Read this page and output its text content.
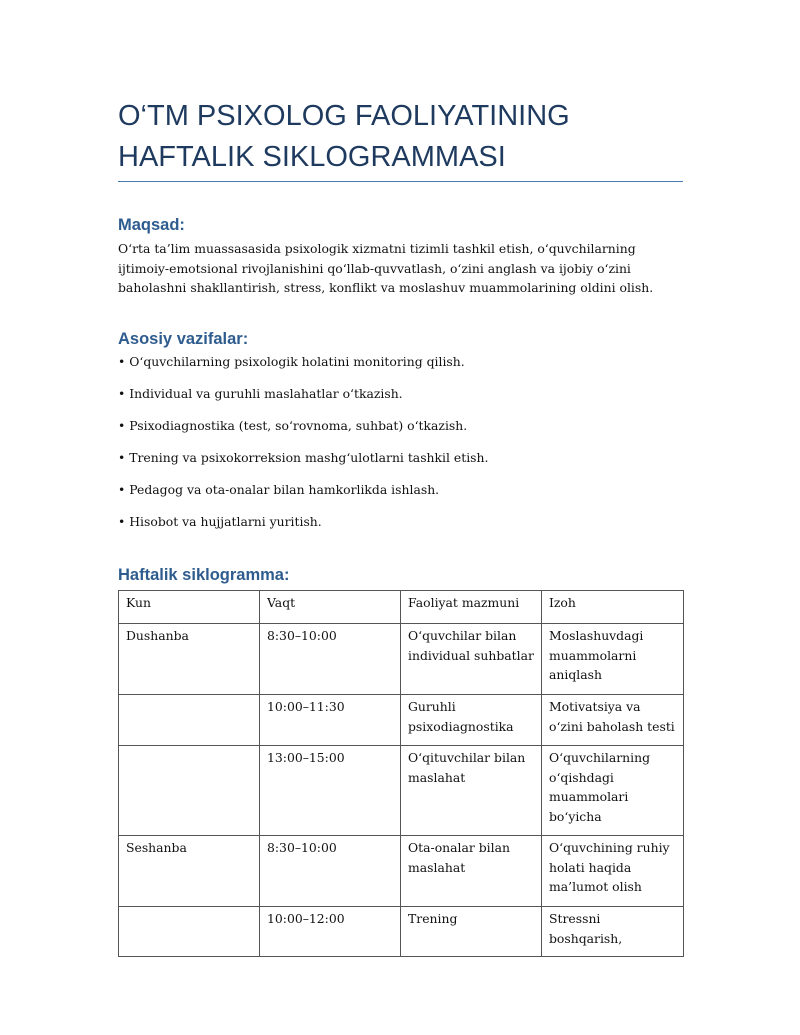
O‘TM PSIXOLOG FAOLIYATINING
HAFTALIK SIKLOGRAMMASI
Maqsad:

O‘rta ta’lim muassasasida psixologik xizmatni tizimli tashkil etish, o‘quvchilarning ijtimoiy-emotsional rivojlanishini qo‘llab-quvvatlash, o‘zini anglash va ijobiy o‘zini baholashni shakllantirish, stress, konflikt va moslashuv muammolarining oldini olish.

Asosiy vazifalar:
• O‘quvchilarning psixologik holatini monitoring qilish.
• Individual va guruhli maslahatlar o‘tkazish.
• Psixodiagnostika (test, so‘rovnoma, suhbat) o‘tkazish.
• Trening va psixokorreksion mashg‘ulotlarni tashkil etish.
• Pedagog va ota-onalar bilan hamkorlikda ishlash.
• Hisobot va hujjatlarni yuritish.
Haftalik siklogramma:
Kun	Vaqt	Faoliyat mazmuni	Izoh
Dushanba	8:30–10:00	O‘quvchilar bilan individual suhbatlar	Moslashuvdagi muammolarni aniqlash
	10:00–11:30	Guruhli psixodiagnostika	Motivatsiya va o‘zini baholash testi
	13:00–15:00	O‘qituvchilar bilan maslahat	O‘quvchilarning o‘qishdagi muammolari bo‘yicha
Seshanba	8:30–10:00	Ota-onalar bilan maslahat	O‘quvchining ruhiy holati haqida ma’lumot olish
	10:00–12:00	Trening	Stressni boshqarish,
